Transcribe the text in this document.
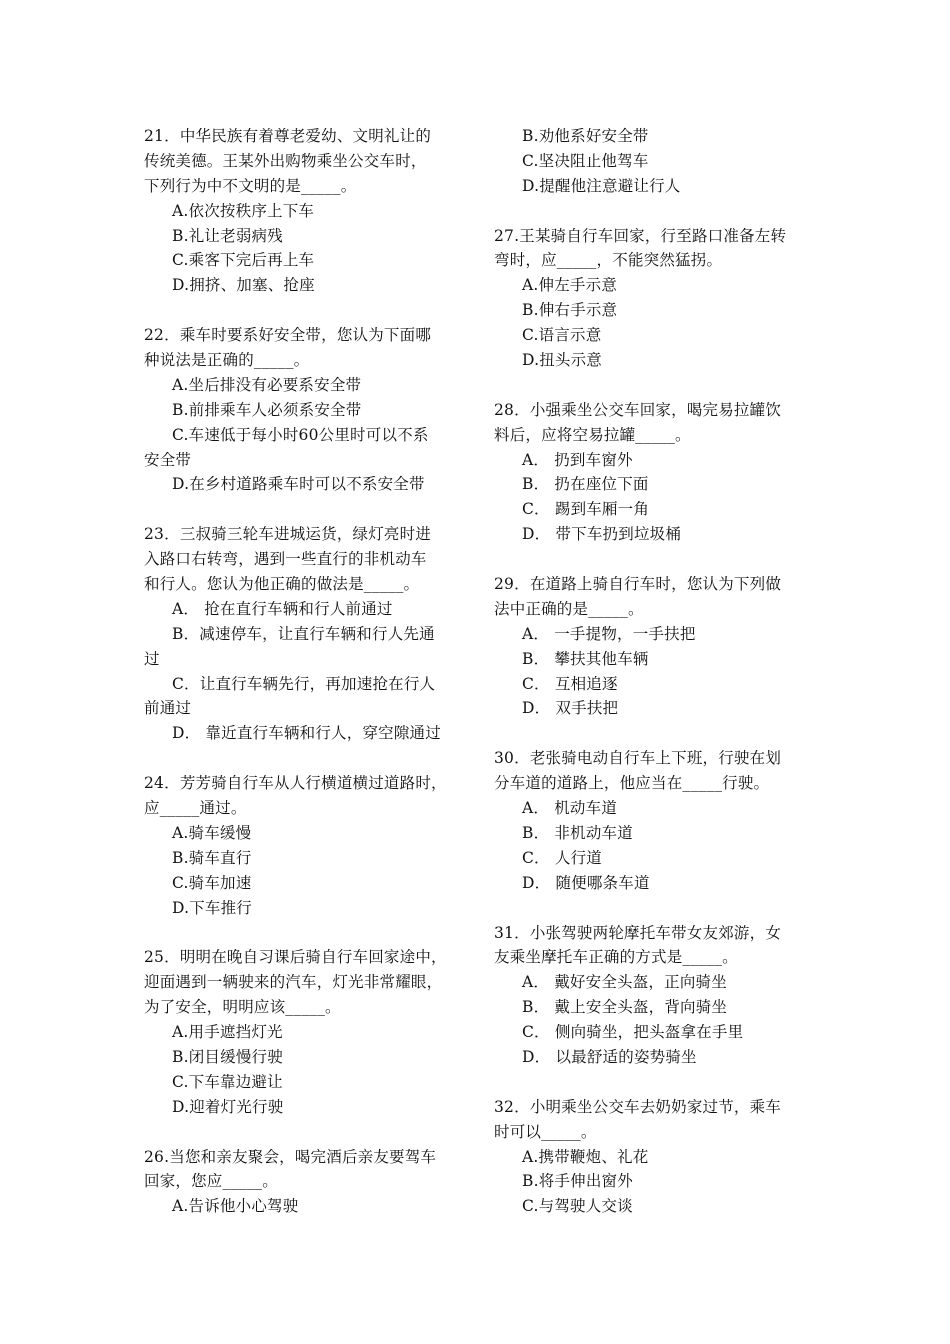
21．中华民族有着尊老爱幼、文明礼让的
传统美德。王某外出购物乘坐公交车时，
下列行为中不文明的是_____。
A.依次按秩序上下车
B.礼让老弱病残
C.乘客下完后再上车
D.拥挤、加塞、抢座
22．乘车时要系好安全带，您认为下面哪
种说法是正确的_____。
A.坐后排没有必要系安全带
B.前排乘车人必须系安全带
C.车速低于每小时60公里时可以不系
安全带
D.在乡村道路乘车时可以不系安全带
23．三叔骑三轮车进城运货，绿灯亮时进
入路口右转弯，遇到一些直行的非机动车
和行人。您认为他正确的做法是_____。
A． 抢在直行车辆和行人前通过
B．减速停车，让直行车辆和行人先通
过
C．让直行车辆先行，再加速抢在行人
前通过
D． 靠近直行车辆和行人，穿空隙通过
24．芳芳骑自行车从人行横道横过道路时，
应_____通过。
A.骑车缓慢
B.骑车直行
C.骑车加速
D.下车推行
25．明明在晚自习课后骑自行车回家途中，
迎面遇到一辆驶来的汽车，灯光非常耀眼，
为了安全，明明应该_____。
A.用手遮挡灯光
B.闭目缓慢行驶
C.下车靠边避让
D.迎着灯光行驶
26.当您和亲友聚会，喝完酒后亲友要驾车
回家，您应_____。
A.告诉他小心驾驶
B.劝他系好安全带
C.坚决阻止他驾车
D.提醒他注意避让行人
27.王某骑自行车回家，行至路口准备左转
弯时，应_____，不能突然猛拐。
A.伸左手示意
B.伸右手示意
C.语言示意
D.扭头示意
28．小强乘坐公交车回家，喝完易拉罐饮
料后，应将空易拉罐_____。
A． 扔到车窗外
B． 扔在座位下面
C． 踢到车厢一角
D． 带下车扔到垃圾桶
29．在道路上骑自行车时，您认为下列做
法中正确的是_____。
A． 一手提物，一手扶把
B． 攀扶其他车辆
C． 互相追逐
D． 双手扶把
30．老张骑电动自行车上下班，行驶在划
分车道的道路上，他应当在_____行驶。
A． 机动车道
B． 非机动车道
C． 人行道
D． 随便哪条车道
31．小张驾驶两轮摩托车带女友郊游，女
友乘坐摩托车正确的方式是_____。
A． 戴好安全头盔，正向骑坐
B． 戴上安全头盔，背向骑坐
C． 侧向骑坐，把头盔拿在手里
D． 以最舒适的姿势骑坐
32．小明乘坐公交车去奶奶家过节，乘车
时可以_____。
A.携带鞭炮、礼花
B.将手伸出窗外
C.与驾驶人交谈
